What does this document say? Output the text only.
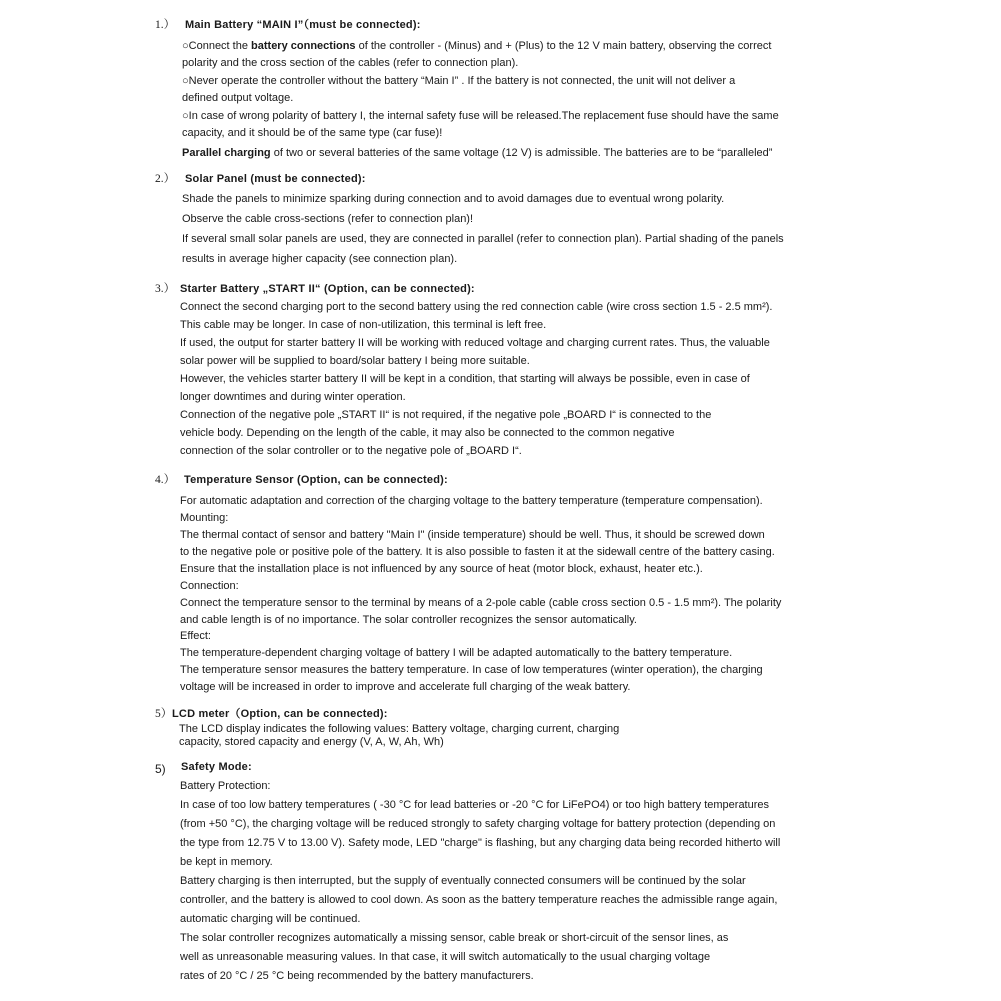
1.） Main Battery “MAIN I”（must be connected):
○Connect the battery connections of the controller - (Minus) and + (Plus) to the 12 V main battery, observing the correct
polarity and the cross section of the cables (refer to connection plan).
○Never operate the controller without the battery “Main I” . If the battery is not connected, the unit will not deliver a
defined output voltage.
○In case of wrong polarity of battery I, the internal safety fuse will be released.The replacement fuse should have the same
capacity, and it should be of the same type (car fuse)!
Parallel charging of two or several batteries of the same voltage (12 V) is admissible. The batteries are to be “paralleled”
2.） Solar Panel (must be connected):
Shade the panels to minimize sparking during connection and to avoid damages due to eventual wrong polarity.
Observe the cable cross-sections (refer to connection plan)!
If several small solar panels are used, they are connected in parallel (refer to connection plan). Partial shading of the panels
results in average higher capacity (see connection plan).
3.） Starter Battery „START II“ (Option, can be connected):
Connect the second charging port to the second battery using the red connection cable (wire cross section 1.5 - 2.5 mm²).
This cable may be longer. In case of non-utilization, this terminal is left free.
If used, the output for starter battery II will be working with reduced voltage and charging current rates. Thus, the valuable
solar power will be supplied to board/solar battery I being more suitable.
However, the vehicles starter battery II will be kept in a condition, that starting will always be possible, even in case of
longer downtimes and during winter operation.
Connection of the negative pole „START II“ is not required, if the negative pole „BOARD I“ is connected to the
vehicle body. Depending on the length of the cable, it may also be connected to the common negative
connection of the solar controller or to the negative pole of „BOARD I“.
4.） Temperature Sensor (Option, can be connected):
For automatic adaptation and correction of the charging voltage to the battery temperature (temperature compensation).
Mounting:
The thermal contact of sensor and battery "Main I" (inside temperature) should be well. Thus, it should be screwed down
to the negative pole or positive pole of the battery. It is also possible to fasten it at the sidewall centre of the battery casing.
Ensure that the installation place is not influenced by any source of heat (motor block, exhaust, heater etc.).
Connection:
Connect the temperature sensor to the terminal by means of a 2-pole cable (cable cross section 0.5 - 1.5 mm²). The polarity
and cable length is of no importance. The solar controller recognizes the sensor automatically.
Effect:
The temperature-dependent charging voltage of battery I will be adapted automatically to the battery temperature.
The temperature sensor measures the battery temperature. In case of low temperatures (winter operation), the charging
voltage will be increased in order to improve and accelerate full charging of the weak battery.
5） LCD meter（Option, can be connected):
The LCD display indicates the following values: Battery voltage, charging current, charging
capacity, stored capacity and energy (V, A, W, Ah, Wh)
5) Safety Mode:
Battery Protection:
In case of too low battery temperatures ( -30 °C for lead batteries or -20 °C for LiFePO4) or too high battery temperatures
(from +50 °C), the charging voltage will be reduced strongly to safety charging voltage for battery protection (depending on
the type from 12.75 V to 13.00 V). Safety mode, LED "charge" is flashing, but any charging data being recorded hitherto will
be kept in memory.
Battery charging is then interrupted, but the supply of eventually connected consumers will be continued by the solar
controller, and the battery is allowed to cool down. As soon as the battery temperature reaches the admissible range again,
automatic charging will be continued.
The solar controller recognizes automatically a missing sensor, cable break or short-circuit of the sensor lines, as
well as unreasonable measuring values. In that case, it will switch automatically to the usual charging voltage
rates of 20 °C / 25 °C being recommended by the battery manufacturers.
